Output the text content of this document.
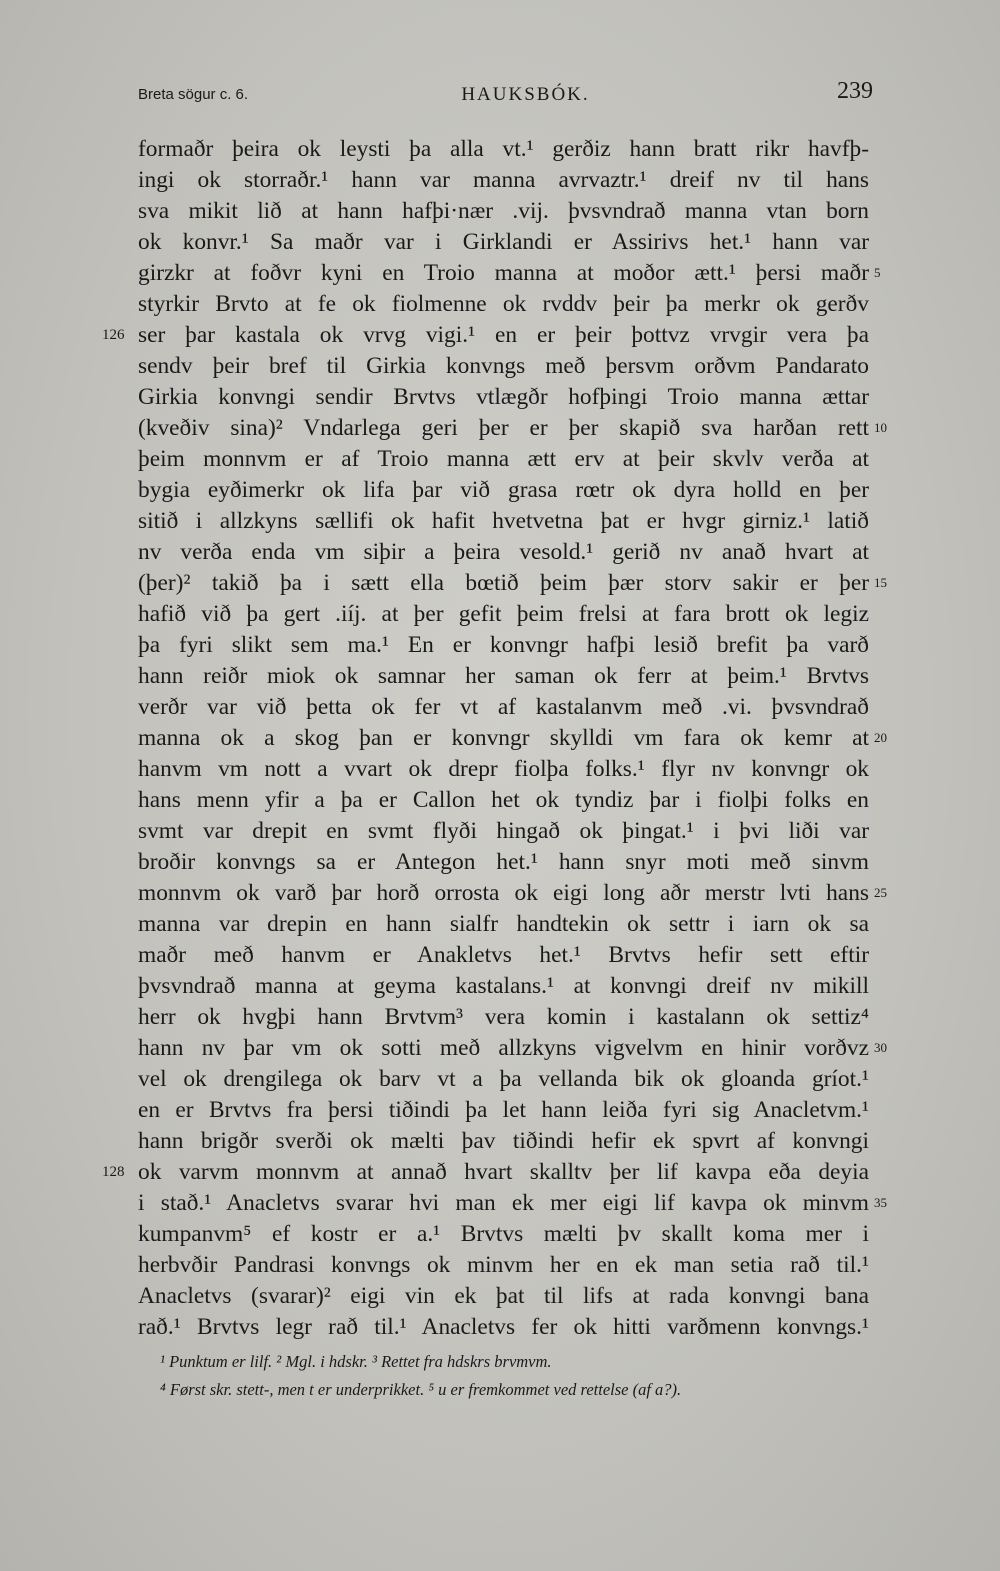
Breta sögur c. 6.	HAUKSBÓK.	239
formaðr þeira ok leysti þa alla vt.¹ gerðiz hann bratt rikr havfþ-
ingi ok storraðr.¹ hann var manna avrvaztr.¹ dreif nv til hans
sva mikit lið at hann hafþi·nær .vij. þvsvndrað manna vtan born
ok konvr.¹ Sa maðr var i Girklandi er Assirivs het.¹ hann var
girzkr at foðvr kyni en Troio manna at moðor ætt.¹ þersi maðr 5
styrkir Brvto at fe ok fiolmenne ok rvddv þeir þa merkr ok gerðv
ser þar kastala ok vrvg vigi.¹ en er þeir þottvz vrvgir vera þa
126
sendv þeir bref til Girkia konvngs með þersvm orðvm Pandarato
Girkia konvngi sendir Brvtvs vtlægðr hofþingi Troio manna ættar
(kveðiv sina)² Vndarlega geri þer er þer skapið sva harðan rett 10
þeim monnvm er af Troio manna ætt erv at þeir skvlv verða at
bygia eyðimerkr ok lifa þar við grasa rœtr ok dyra holld en þer
sitið i allzkyns sællifi ok hafit hvetvetna þat er hvgr girniz.¹ latið
nv verða enda vm siþir a þeira vesold.¹ gerið nv anað hvart at
(þer)² takið þa i sætt ella bœtið þeim þær storv sakir er þer 15
hafið við þa gert .iíj. at þer gefit þeim frelsi at fara brott ok legiz
þa fyri slikt sem ma.¹ En er konvngr hafþi lesið brefit þa varð
hann reiðr miok ok samnar her saman ok ferr at þeim.¹ Brvtvs
verðr var við þetta ok fer vt af kastalanvm með .vi. þvsvndrað
manna ok a skog þan er konvngr skylldi vm fara ok kemr at 20
hanvm vm nott a vvart ok drepr fiolþa folks.¹ flyr nv konvngr ok
hans menn yfir a þa er Callon het ok tyndiz þar i fiolþi folks en
svmt var drepit en svmt flyði hingað ok þingat.¹ i þvi liði var
broðir konvngs sa er Antegon het.¹ hann snyr moti með sinvm
monnvm ok varð þar horð orrosta ok eigi long aðr merstr lvti hans 25
manna var drepin en hann sialfr handtekin ok settr i iarn ok sa
maðr með hanvm er Anakletvs het.¹ Brvtvs hefir sett eftir
þvsvndrað manna at geyma kastalans.¹ at konvngi dreif nv mikill
herr ok hvgþi hann Brvtvm³ vera komin i kastalann ok settiz⁴
hann nv þar vm ok sotti með allzkyns vigvelvm en hinir vorðvz 30
vel ok drengilega ok barv vt a þa vellanda bik ok gloanda gríot.¹
en er Brvtvs fra þersi tiðindi þa let hann leiða fyri sig Anacletvm.¹
hann brigðr sverði ok mælti þav tiðindi hefir ek spvrt af konvngi
ok varvm monnvm at annað hvart skalltv þer lif kavpa eða deyia
128
i stað.¹ Anacletvs svarar hvi man ek mer eigi lif kavpa ok minvm 35
kumpanvm⁵ ef kostr er a.¹ Brvtvs mælti þv skallt koma mer i
herbvðir Pandrasi konvngs ok minvm her en ek man setia rað til.¹
Anacletvs (svarar)² eigi vin ek þat til lifs at rada konvngi bana
rað.¹ Brvtvs legr rað til.¹ Anacletvs fer ok hitti varðmenn konvngs.¹
¹ Punktum er lilf. ² Mgl. i hdskr. ³ Rettet fra hdskrs brvmvm.
⁴ Først skr. stett-, men t er underprikket. ⁵ u er fremkommet ved rettelse (af a?).
